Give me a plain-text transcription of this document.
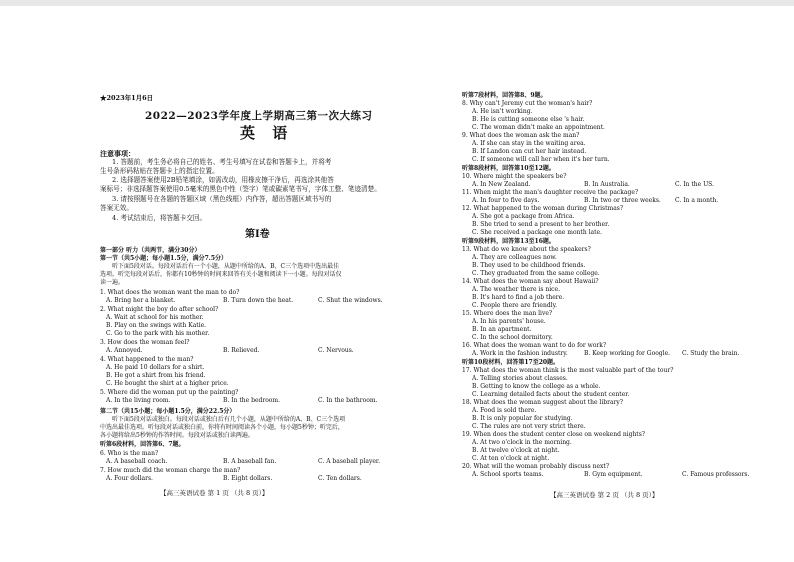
★2023年1月6日
2022—2023学年度上学期高三第一次大练习
英 语
注意事项：
1. 答题前，考生务必将自己的姓名、考生号填写在试卷和答题卡上，并将考
生号条形码粘贴在答题卡上的指定位置。
2. 选择题答案使用2B铅笔填涂，如需改动，用橡皮擦干净后，再选涂其他答
案标号；非选择题答案使用0.5毫米的黑色中性（签字）笔或碳素笔书写，字体工整、笔迹清楚。
3. 请按照题号在各题的答题区域（黑色线框）内作答，超出答题区域书写的
答案无效。
4. 考试结束后，将答题卡交回。
第Ⅰ卷
第一部分 听力（共两节，满分30分）
第一节（共5小题；每小题1.5分，满分7.5分）
听下面5段对话。每段对话后有一个小题，从题中所给的A、B、C三个选项中选出最佳
选项。听完每段对话后，你都有10秒钟的时间来回答有关小题和阅读下一小题。每段对话仅
读一遍。
1. What does the woman want the man to do?
A. Bring her a blanket.	B. Turn down the heat.	C. Shut the windows.
2. What might the boy do after school?
A. Wait at school for his mother.
B. Play on the swings with Katie.
C. Go to the park with his mother.
3. How does the woman feel?
A. Annoyed.	B. Relieved.	C. Nervous.
4. What happened to the man?
A. He paid 10 dollars for a shirt.
B. He got a shirt from his friend.
C. He bought the shirt at a higher price.
5. Where did the woman put up the painting?
A. In the living room.	B. In the bedroom.	C. In the bathroom.
第二节（共15小题；每小题1.5分，满分22.5分）
听下面5段对话或独白。每段对话或独白后有几个小题，从题中所给的A、B、C三个选项
中选出最佳选项。听每段对话或独白前，你将有时间阅读各个小题，每小题5秒钟；听完后，
各小题将给出5秒钟的作答时间。每段对话或独白读两遍。
听第6段材料，回答第6、7题。
6. Who is the man?
A. A baseball coach.	B. A baseball fan.	C. A baseball player.
7. How much did the woman charge the man?
A. Four dollars.	B. Eight dollars.	C. Ten dollars.
【高三英语试卷 第 1 页 （共 8 页）】
听第7段材料，回答第8、9题。
8. Why can't Jeremy cut the woman's hair?
A. He isn't working.
B. He is cutting someone else 's hair.
C. The woman didn't make an appointment.
9. What does the woman ask the man?
A. If she can stay in the waiting area.
B. If Landon can cut her hair instead.
C. If someone will call her when it's her turn.
听第8段材料，回答第10至12题。
10. Where might the speakers be?
A. In New Zealand.	B. In Australia.	C. In the US.
11. When might the man's daughter receive the package?
A. In four to five days.	B. In two or three weeks. C. In a month.
12. What happened to the woman during Christmas?
A. She got a package from Africa.
B. She tried to send a present to her brother.
C. She received a package one month late.
听第9段材料，回答第13至16题。
13. What do we know about the speakers?
A. They are colleagues now.
B. They used to be childhood friends.
C. They graduated from the same college.
14. What does the woman say about Hawaii?
A. The weather there is nice.
B. It's hard to find a job there.
C. People there are friendly.
15. Where does the man live?
A. In his parents' house.
B. In an apartment.
C. In the school dormitory.
16. What does the woman want to do for work?
A. Work in the fashion industry.	B. Keep working for Google. C. Study the brain.
听第10段材料，回答第17至20题。
17. What does the woman think is the most valuable part of the tour?
A. Telling stories about classes.
B. Getting to know the college as a whole.
C. Learning detailed facts about the student center.
18. What does the woman suggest about the library?
A. Food is sold there.
B. It is only popular for studying.
C. The rules are not very strict there.
19. When does the student center close on weekend nights?
A. At two o'clock in the morning.
B. At twelve o'clock at night.
C. At ten o'clock at night.
20. What will the woman probably discuss next?
A. School sports teams.	B. Gym equipment.	C. Famous professors.
【高三英语试卷 第 2 页 （共 8 页）】
